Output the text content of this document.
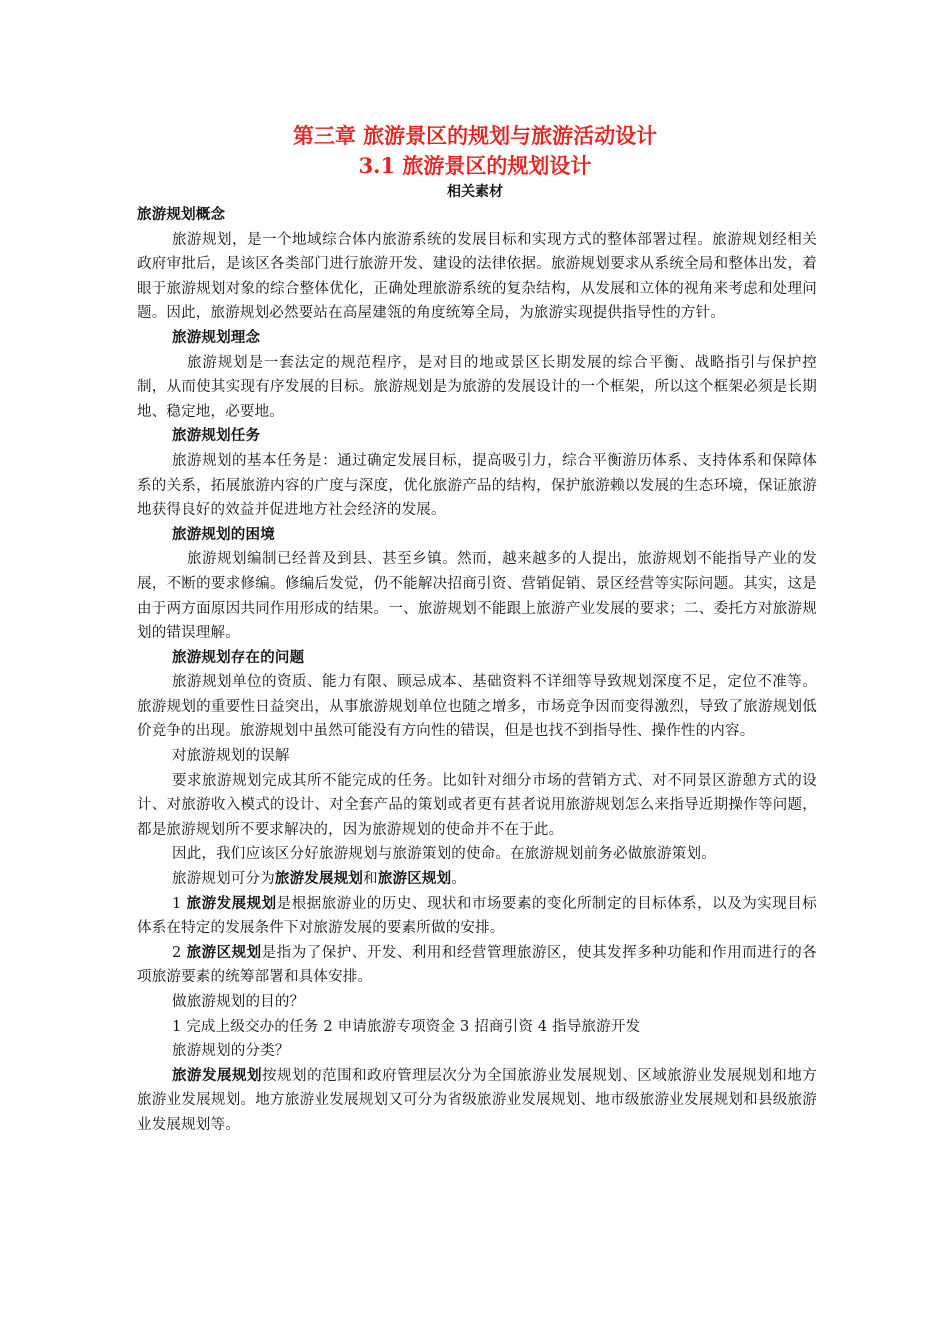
第三章 旅游景区的规划与旅游活动设计

3.1 旅游景区的规划设计

相关素材

旅游规划概念

旅游规划，是一个地域综合体内旅游系统的发展目标和实现方式的整体部署过程。旅游规划经相关政府审批后，是该区各类部门进行旅游开发、建设的法律依据。旅游规划要求从系统全局和整体出发，着眼于旅游规划对象的综合整体优化，正确处理旅游系统的复杂结构，从发展和立体的视角来考虑和处理问题。因此，旅游规划必然要站在高屋建瓴的角度统筹全局，为旅游实现提供指导性的方针。

旅游规划理念

旅游规划是一套法定的规范程序，是对目的地或景区长期发展的综合平衡、战略指引与保护控制，从而使其实现有序发展的目标。旅游规划是为旅游的发展设计的一个框架，所以这个框架必须是长期地、稳定地，必要地。

旅游规划任务

旅游规划的基本任务是：通过确定发展目标，提高吸引力，综合平衡游历体系、支持体系和保障体系的关系，拓展旅游内容的广度与深度，优化旅游产品的结构，保护旅游赖以发展的生态环境，保证旅游地获得良好的效益并促进地方社会经济的发展。

旅游规划的困境

旅游规划编制已经普及到县、甚至乡镇。然而，越来越多的人提出，旅游规划不能指导产业的发展，不断的要求修编。修编后发觉，仍不能解决招商引资、营销促销、景区经营等实际问题。其实，这是由于两方面原因共同作用形成的结果。一、旅游规划不能跟上旅游产业发展的要求；二、委托方对旅游规划的错误理解。

旅游规划存在的问题

旅游规划单位的资质、能力有限、顾忌成本、基础资料不详细等导致规划深度不足，定位不准等。旅游规划的重要性日益突出，从事旅游规划单位也随之增多，市场竞争因而变得激烈，导致了旅游规划低价竞争的出现。旅游规划中虽然可能没有方向性的错误，但是也找不到指导性、操作性的内容。

对旅游规划的误解

要求旅游规划完成其所不能完成的任务。比如针对细分市场的营销方式、对不同景区游憩方式的设计、对旅游收入模式的设计、对全套产品的策划或者更有甚者说用旅游规划怎么来指导近期操作等问题，都是旅游规划所不要求解决的，因为旅游规划的使命并不在于此。

因此，我们应该区分好旅游规划与旅游策划的使命。在旅游规划前务必做旅游策划。

旅游规划可分为旅游发展规划和旅游区规划。

1 旅游发展规划是根据旅游业的历史、现状和市场要素的变化所制定的目标体系，以及为实现目标体系在特定的发展条件下对旅游发展的要素所做的安排。

2 旅游区规划是指为了保护、开发、利用和经营管理旅游区，使其发挥多种功能和作用而进行的各项旅游要素的统筹部署和具体安排。

做旅游规划的目的？

1 完成上级交办的任务 2 申请旅游专项资金 3 招商引资 4 指导旅游开发

旅游规划的分类？

旅游发展规划按规划的范围和政府管理层次分为全国旅游业发展规划、区域旅游业发展规划和地方旅游业发展规划。地方旅游业发展规划又可分为省级旅游业发展规划、地市级旅游业发展规划和县级旅游业发展规划等。
